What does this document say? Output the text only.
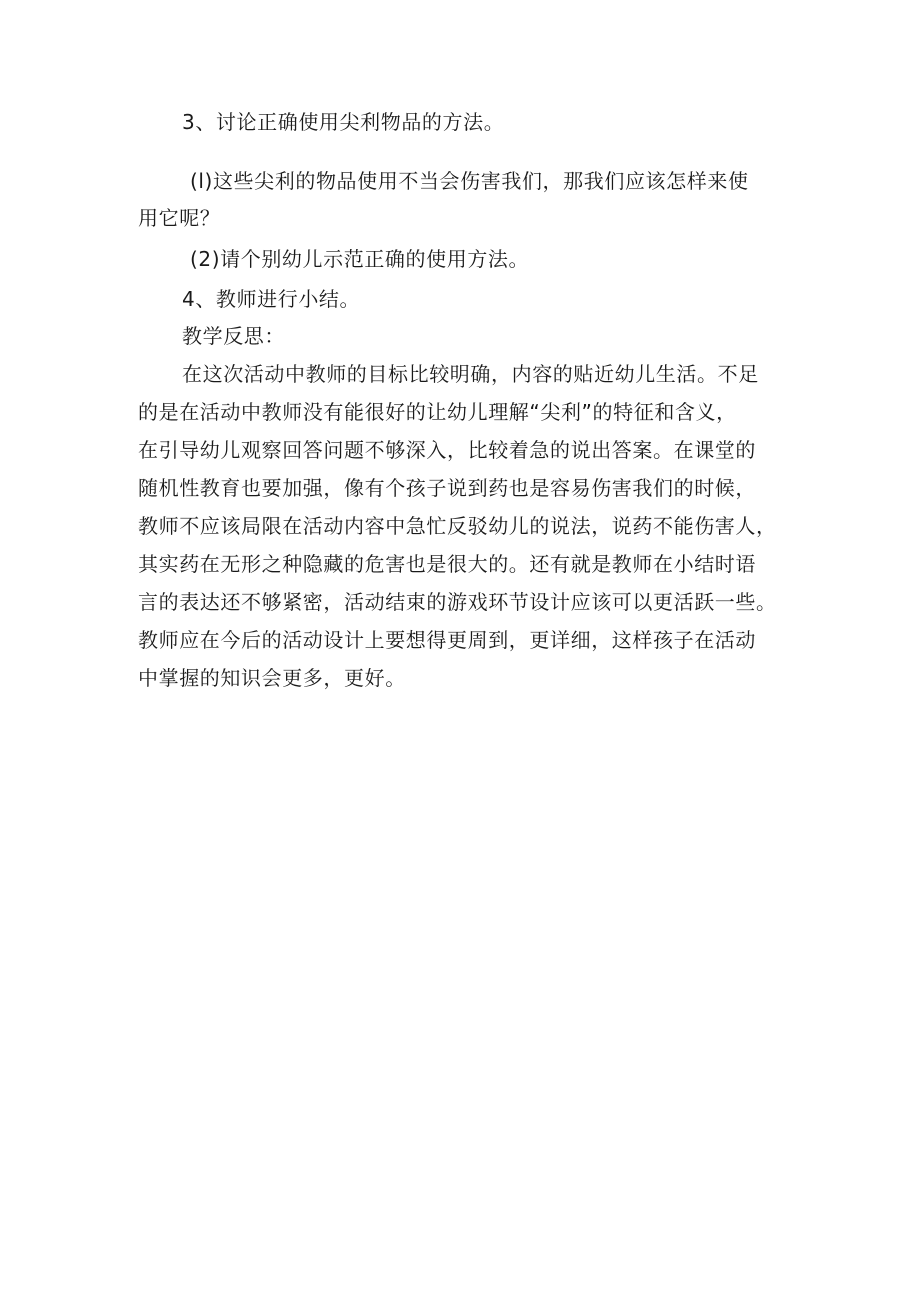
3、讨论正确使用尖利物品的方法。
(l)这些尖利的物品使用不当会伤害我们，那我们应该怎样来使
用它呢？
(2)请个别幼儿示范正确的使用方法。
4、教师进行小结。
教学反思：
在这次活动中教师的目标比较明确，内容的贴近幼儿生活。不足
的是在活动中教师没有能很好的让幼儿理解“尖利”的特征和含义，
在引导幼儿观察回答问题不够深入，比较着急的说出答案。在课堂的
随机性教育也要加强，像有个孩子说到药也是容易伤害我们的时候，
教师不应该局限在活动内容中急忙反驳幼儿的说法，说药不能伤害人，
其实药在无形之种隐藏的危害也是很大的。还有就是教师在小结时语
言的表达还不够紧密，活动结束的游戏环节设计应该可以更活跃一些。
教师应在今后的活动设计上要想得更周到，更详细，这样孩子在活动
中掌握的知识会更多，更好。
